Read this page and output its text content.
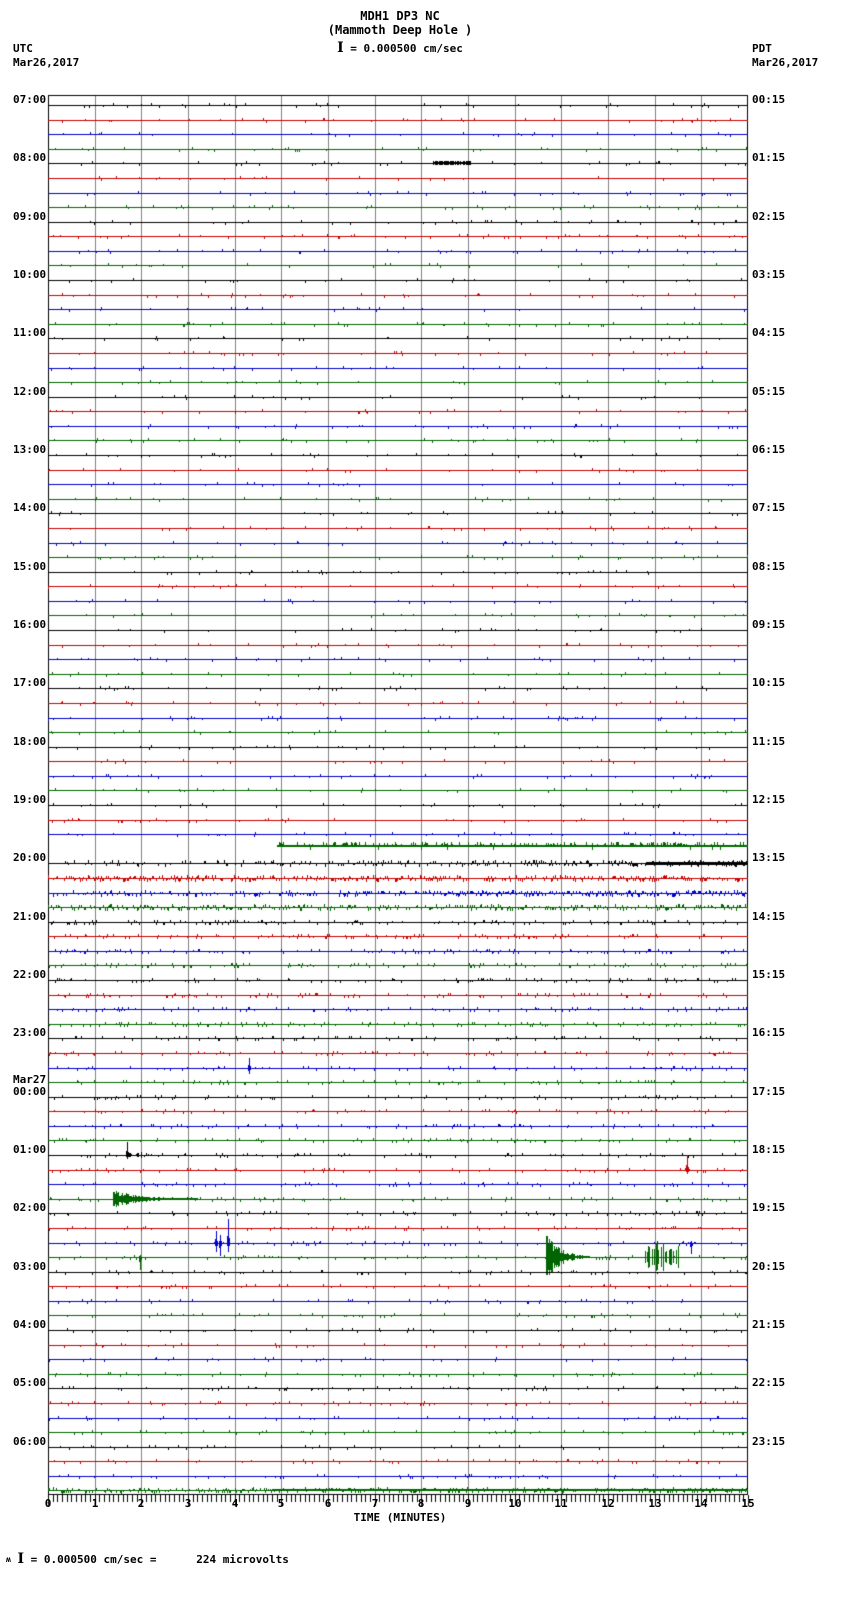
07:00
08:00
09:00
10:00
11:00
12:00
13:00
14:00
15:00
16:00
17:00
18:00
19:00
20:00
21:00
22:00
23:00
Mar27
00:00
01:00
02:00
03:00
04:00
05:00
06:00
00:15
01:15
02:15
03:15
04:15
05:15
06:15
07:15
08:15
09:15
10:15
11:15
12:15
13:15
14:15
15:15
16:15
17:15
18:15
19:15
20:15
21:15
22:15
23:15
0	1	2	3	4	5	6	7	8	9	10	11	12	13	14	15
TIME (MINUTES)
ʍ I = 0.000500 cm/sec =      224 microvolts
